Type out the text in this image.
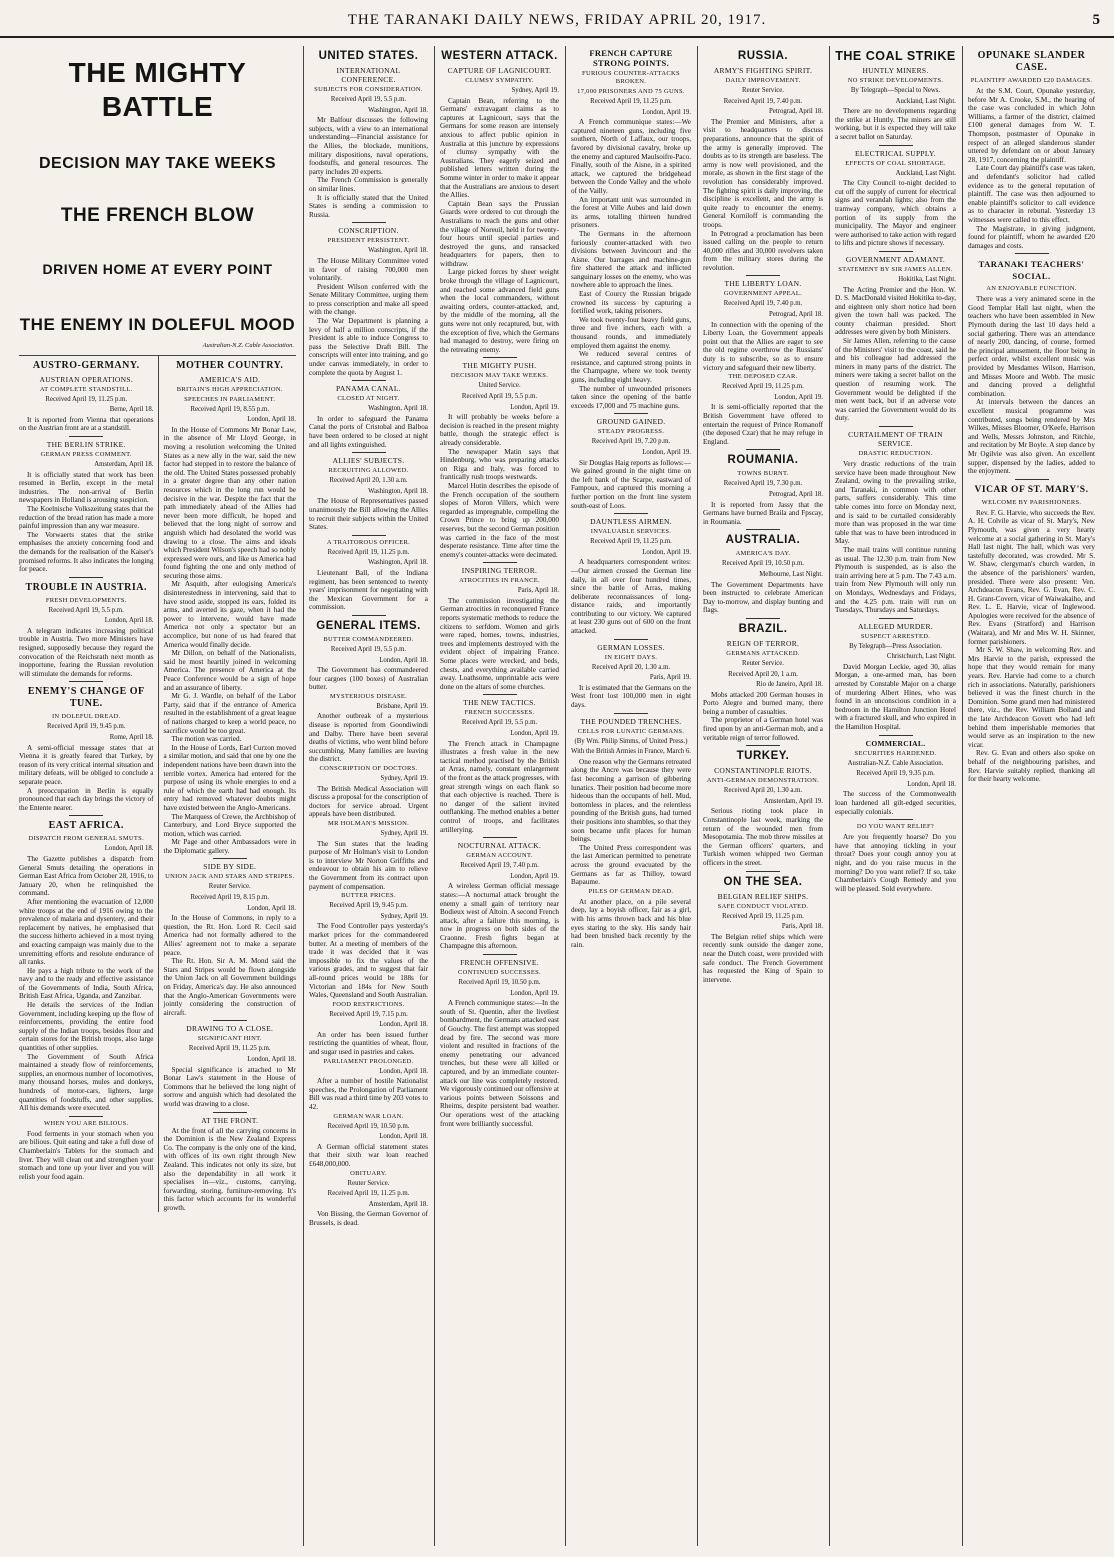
THE TARANAKI DAILY NEWS, FRIDAY APRIL 20, 1917.	5
THE MIGHTY BATTLE
DECISION MAY TAKE WEEKS
THE FRENCH BLOW
DRIVEN HOME AT EVERY POINT
THE ENEMY IN DOLEFUL MOOD
Australian-N.Z. Cable Association.
AUSTRO-GERMANY.
AUSTRIAN OPERATIONS.
AT COMPLETE STANDSTILL.
Received April 19, 11.25 p.m.
Berne, April 18.

It is reported from Vienna that operations on the Austrian front are at a standstill.

THE BERLIN STRIKE.
GERMAN PRESS COMMENT.
Amsterdam, April 18.

It is officially stated that work has been resumed in Berlin, except in the metal industries. The non-arrival of Berlin newspapers in Holland is arousing suspicion.

The Koelnische Volkszeitung states that the reduction of the bread ration has made a more painful impression than any war measure.

The Vorwaerts states that the strike emphasises the anxiety concerning food and the demands for the realisation of the Kaiser's promised reforms. It also indicates the longing for peace.

TROUBLE IN AUSTRIA.
FRESH DEVELOPMENTS.
Received April 19, 5.5 p.m.
London, April 18.

A telegram indicates increasing political trouble in Austria. Two more Ministers have resigned, supposedly because they regard the convocation of the Reichsrath next month as inopportune, fearing the Russian revolution will stimulate the demands for reforms.

ENEMY'S CHANGE OF TUNE.
IN DOLEFUL DREAD.
Received April 19, 9.45 p.m.
Rome, April 18.

A semi-official message states that at Vienna it is greatly feared that Turkey, by reason of its very critical internal situation and military defeats, will be obliged to conclude a separate peace.

A preoccupation in Berlin is equally pronounced that each day brings the victory of the Entente nearer.

EAST AFRICA.
DISPATCH FROM GENERAL SMUTS.
London, April 18.

The Gazette publishes a dispatch from General Smuts detailing the operations in German East Africa from October 28, 1916, to January 20, when he relinquished the command.

After mentioning the evacuation of 12,000 white troops at the end of 1916 owing to the prevalence of malaria and dysentery, and their replacement by natives, he emphasised that the success hitherto achieved in a most trying and exacting campaign was mainly due to the unremitting efforts and resolute endurance of all ranks.

He pays a high tribute to the work of the navy and to the ready and effective assistance of the Governments of India, South Africa, British East Africa, Uganda, and Zanzibar.

He details the services of the Indian Government, including keeping up the flow of reinforcements, providing the entire food supply of the Indian troops, besides flour and certain stores for the British troops, also large quantities of other supplies.

The Government of South Africa maintained a steady flow of reinforcements, supplies, an enormous number of locomotives, many thousand horses, mules and donkeys, hundreds of motor-cars, lighters, large quantities of foodstuffs, and other supplies. All his demands were executed.

WHEN YOU ARE BILIOUS.

Food ferments in your stomach when you are bilious. Quit eating and take a full dose of Chamberlain's Tablets for the stomach and liver. They will clean out and strengthen your stomach and tone up your liver and you will relish your food again.

MOTHER COUNTRY.
AMERICA'S AID.
BRITAIN'S HIGH APPRECIATION.
SPEECHES IN PARLIAMENT.
Received April 19, 8.55 p.m.
London, April 18.

In the House of Commons Mr Bonar Law, in the absence of Mr Lloyd George, in moving a resolution welcoming the United States as a new ally in the war, said the new factor had stepped in to restore the balance of the old. The United States possessed probably in a greater degree than any other nation resources which in the long run would be decisive in the war. Despite the fact that the path immediately ahead of the Allies had never been more difficult, he hoped and believed that the long night of sorrow and anguish which had desolated the world was drawing to a close. The aims and ideals which President Wilson's speech had so nobly expressed were ours, and like us America had found fighting the one and only method of securing those aims.

Mr Asquith, after eulogising America's disinterestedness in intervening, said that to have stood aside, stopped its ears, folded its arms, and averted its gaze, when it had the power to intervene, would have made America not only a spectator but an accomplice, but none of us had feared that America would finally decide.

Mr Dillon, on behalf of the Nationalists, said he most heartily joined in welcoming America. The presence of America at the Peace Conference would be a sign of hope and an assurance of liberty.

Mr G. J. Wardle, on behalf of the Labor Party, said that if the entrance of America resulted in the establishment of a great league of nations charged to keep a world peace, no sacrifice would be too great.

The motion was carried.

In the House of Lords, Earl Curzon moved a similar motion, and said that one by one the independent nations have been drawn into the terrible vortex. America had entered for the purpose of using its whole energies to end a rule of which the earth had had enough. Its entry had removed whatever doubts might have existed between the Anglo-Americans.

The Marquess of Crewe, the Archbishop of Canterbury, and Lord Bryce supported the motion, which was carried.

Mr Page and other Ambassadors were in the Diplomatic gallery.

SIDE BY SIDE.
UNION JACK AND STARS AND STRIPES.
Reuter Service.
Received April 19, 8.15 p.m.
London, April 18.

In the House of Commons, in reply to a question, the Rt. Hon. Lord R. Cecil said America had not formally adhered to the Allies' agreement not to make a separate peace.

The Rt. Hon. Sir A. M. Mond said the Stars and Stripes would be flown alongside the Union Jack on all Government buildings on Friday, America's day. He also announced that the Anglo-American Governments were jointly considering the construction of aircraft.

DRAWING TO A CLOSE.
SIGNIFICANT HINT.
Received April 19, 11.25 p.m.
London, April 18.

Special significance is attached to Mr Bonar Law's statement in the House of Commons that he believed the long night of sorrow and anguish which had desolated the world was drawing to a close.

AT THE FRONT.

At the front of all the carrying concerns in the Dominion is the New Zealand Express Co. The company is the only one of the kind, with offices of its own right through New Zealand. This indicates not only its size, but also the dependability in all work it specialises in—viz., customs, carrying, forwarding, storing, furniture-removing. It's this factor which accounts for its wonderful growth.

UNITED STATES.
INTERNATIONAL CONFERENCE.
SUBJECTS FOR CONSIDERATION.
Received April 19, 5.5 p.m.
Washington, April 18.

Mr Balfour discusses the following subjects, with a view to an international understanding—Financial assistance for the Allies, the blockade, munitions, military dispositions, naval operations, foodstuffs, and general resources. The party includes 20 experts.

The French Commission is generally on similar lines.

It is officially stated that the United States is sending a commission to Russia.

CONSCRIPTION.
PRESIDENT PERSISTENT.
Washington, April 18.

The House Military Committee voted in favor of raising 700,000 men voluntarily.

President Wilson conferred with the Senate Military Committee, urging them to press conscription and make all speed with the change.

The War Department is planning a levy of half a million conscripts, if the President is able to induce Congress to pass the Selective Draft Bill. The conscripts will enter into training, and go under canvas immediately, in order to complete the quota by August 1.

PANAMA CANAL.
CLOSED AT NIGHT.
Washington, April 18.

In order to safeguard the Panama Canal the ports of Cristobal and Balboa have been ordered to be closed at night and all lights extinguished.

ALLIES' SUBJECTS.
RECRUITING ALLOWED.
Received April 20, 1.30 a.m.
Washington, April 18.

The House of Representatives passed unanimously the Bill allowing the Allies to recruit their subjects within the United States.

A TRAITOROUS OFFICER.
Received April 19, 11.25 p.m.
Washington, April 18.

Lieutenant Ball, of the Indiana regiment, has been sentenced to twenty years' imprisonment for negotiating with the Mexican Government for a commission.

GENERAL ITEMS.
BUTTER COMMANDEERED.
Received April 19, 5.5 p.m.
London, April 18.

The Government has commandeered four cargoes (100 boxes) of Australian butter.

MYSTERIOUS DISEASE.
Brisbane, April 19.

Another outbreak of a mysterious disease is reported from Goondiwindi and Dalby. There have been several deaths of victims, who went blind before succumbing. Many families are leaving the district.

CONSCRIPTION OF DOCTORS.
Sydney, April 19.

The British Medical Association will discuss a proposal for the conscription of doctors for service abroad. Urgent appeals have been distributed.

MR HOLMAN'S MISSION.
Sydney, April 19.

The Sun states that the leading purpose of Mr Holman's visit to London is to interview Mr Norton Griffiths and endeavour to obtain his aim to relieve the Government from its contract upon payment of compensation.

BUTTER PRICES.
Received April 19, 9.45 p.m.
Sydney, April 19.

The Food Controller pays yesterday's market prices for the commandeered butter. At a meeting of members of the trade it was decided that it was impossible to fix the values of the various grades, and to suggest that fair all-round prices would be 188s for Victorian and 184s for New South Wales, Queensland and South Australian.

FOOD RESTRICTIONS.
Received April 19, 7.15 p.m.
London, April 18.

An order has been issued further restricting the quantities of wheat, flour, and sugar used in pastries and cakes.

PARLIAMENT PROLONGED.
London, April 18.

After a number of hostile Nationalist speeches, the Prolongation of Parliament Bill was read a third time by 203 votes to 42.

GERMAN WAR LOAN.
Received April 19, 10.50 p.m.
London, April 18.

A German official statement states that their sixth war loan reached £648,000,000.

OBITUARY.
Reuter Service.
Received April 19, 11.25 p.m.
Amsterdam, April 18.

Von Bissing, the German Governor of Brussels, is dead.

WESTERN ATTACK.
CAPTURE OF LAGNICOURT.
CLUMSY SYMPATHY.
Sydney, April 19.

Captain Bean, referring to the Germans' extravagant claims as to captures at Lagnicourt, says that the Germans for some reason are intensely anxious to affect public opinion in Australia at this juncture by expressions of clumsy sympathy with the Australians. They eagerly seized and published letters written during the Somme winter in order to make it appear that the Australians are anxious to desert the Allies.

Captain Bean says the Prussian Guards were ordered to cut through the Australians to reach the guns and other the village of Noreuil, held it for twenty-four hours until special parties and destroyed the guns, and ransacked headquarters for papers, then to withdraw.

Large picked forces by sheer weight broke through the village of Lagnicourt, and reached some advanced field guns when the local commanders, without awaiting orders, counter-attacked, and, by the middle of the morning, all the guns were not only recaptured, but, with the exception of five, which the Germans had managed to destroy, were firing on the retreating enemy.

THE MIGHTY PUSH.
DECISION MAY TAKE WEEKS.
United Service.
Received April 19, 5.5 p.m.
London, April 19.

It will probably be weeks before a decision is reached in the present mighty battle, though the strategic effect is already considerable.

The newspaper Matin says that Hindenburg, who was preparing attacks on Riga and Italy, was forced to frantically rush troops westwards.

Marcel Hutin describes the episode of the French occupation of the southern slopes of Moron Villers, which were regarded as impregnable, compelling the Crown Prince to bring up 200,000 reserves, but the second German position was carried in the face of the most desperate resistance. Time after time the enemy's counter-attacks were decimated.

INSPIRING TERROR.
ATROCITIES IN FRANCE.
Paris, April 18.

The commission investigating the German atrocities in reconquered France reports systematic methods to reduce the citizens to serfdom. Women and girls were raped, homes, towns, industries, trees and implements destroyed with the evident object of impairing France. Some places were wrecked, and beds, chests, and everything available carried away. Loathsome, unprintable acts were done on the altars of some churches.

THE NEW TACTICS.
FRENCH SUCCESSES.
Received April 19, 5.5 p.m.
London, April 19.

The French attack in Champagne illustrates a fresh value in the new tactical method practised by the British at Arras, namely, constant enlargement of the front as the attack progresses, with great strength wings on each flank so that each objective is reached. There is no danger of the salient invited outflanking. The method enables a better control of troops, and facilitates artillerying.

NOCTURNAL ATTACK.
GERMAN ACCOUNT.
Received April 19, 7.40 p.m.
London, April 19.

A wireless German official message states:—A nocturnal attack brought the enemy a small gain of territory near Bodieux west of Altoin. A second French attack, after a failure this morning, is now in progress on both sides of the Craonne. Fresh fights began at Champagne this afternoon.

FRENCH OFFENSIVE.
CONTINUED SUCCESSES.
Received April 19, 10.50 p.m.
London, April 19.

A French communique states:—In the south of St. Quentin, after the liveliest bombardment, the Germans attacked east of Gouchy. The first attempt was stopped dead by fire. The second was more violent and resulted in fractions of the enemy penetrating our advanced trenches, but these were all killed or captured, and by an immediate counter-attack our line was completely restored. We vigorously continued our offensive at various points between Soissons and Rheims, despite persistent bad weather. Our operations west of the attacking front were brilliantly successful.

FRENCH CAPTURE STRONG POINTS.
FURIOUS COUNTER-ATTACKS BROKEN.
17,000 PRISONERS AND 75 GUNS.
Received April 19, 11.25 p.m.
London, April 19.

A French communique states:—We captured nineteen guns, including five southern, North of Laffaux, our troops, favored by divisional cavalry, broke up the enemy and captured Maulsoifre-Paco. Finally, south of the Aisne, in a spirited attack, we captured the bridgehead between the Conde Valley and the whole of the Vailly.

An important unit was surrounded in the forest at Ville Aubes and laid down its arms, totalling thirteen hundred prisoners.

The Germans in the afternoon furiously counter-attacked with two divisions between Juvincourt and the Aisne. Our barrages and machine-gun fire shattered the attack and inflicted sanguinary losses on the enemy, who was nowhere able to approach the lines.

East of Courcy the Russian brigade crowned its success by capturing a fortified work, taking prisoners.

We took twenty-four heavy field guns, three and five inchers, each with a thousand rounds, and immediately employed them against the enemy.

We reduced several centres of resistance, and captured strong points in the Champagne, where we took twenty guns, including eight heavy.

The number of unwounded prisoners taken since the opening of the battle exceeds 17,000 and 75 machine guns.

GROUND GAINED.
STEADY PROGRESS.
Received April 19, 7.20 p.m.
London, April 19.

Sir Douglas Haig reports as follows:—We gained ground in the night time on the left bank of the Scarpe, eastward of Fampoux, and captured this morning a further portion on the front line system south-east of Loos.

DAUNTLESS AIRMEN.
INVALUABLE SERVICES.
Received April 19, 11.25 p.m.
London, April 19.

A headquarters correspondent writes:—Our airmen crossed the German line daily, in all over four hundred times, since the battle of Arras, making deliberate reconnaissances of long-distance raids, and importantly contributing to our victory. We captured at least 230 guns out of 600 on the front attacked.

GERMAN LOSSES.
IN EIGHT DAYS.
Received April 20, 1.30 a.m.
Paris, April 19.

It is estimated that the Germans on the West front lost 100,000 men in eight days.

THE POUNDED TRENCHES.
CELLS FOR LUNATIC GERMANS.
(By Wm. Philip Simms, of United Press.)
With the British Armies in France, March 6.

One reason why the Germans retreated along the Ancre was because they were fast becoming a garrison of gibbering lunatics. Their position had become more hideous than the occupants of hell. Mud, bottomless in places, and the relentless pounding of the British guns, had turned their positions into shambles, so that they soon became unfit places for human beings.

The United Press correspondent was the last American permitted to penetrate across the ground evacuated by the Germans as far as Thilloy, toward Bapaume.

PILES OF GERMAN DEAD.

At another place, on a pile several deep, lay a boyish officer, fair as a girl, with his arms thrown back and his blue eyes staring to the sky. His sandy hair had been brushed back recently by the rain.

RUSSIA.
ARMY'S FIGHTING SPIRIT.
DAILY IMPROVEMENT.
Reuter Service.
Received April 19, 7.40 p.m.
Petrograd, April 18.

The Premier and Ministers, after a visit to headquarters to discuss preparations, announce that the spirit of the army is generally improved. The doubts as to its strength are baseless. The army is now well provisioned, and the morale, as shown in the first stage of the revolution has considerably improved. The fighting spirit is daily improving, the discipline is excellent, and the army is quite ready to encounter the enemy. General Korniloff is commanding the troops.

In Petrograd a proclamation has been issued calling on the people to return 40,000 rifles and 30,000 revolvers taken from the military stores during the revolution.

THE LIBERTY LOAN.
GOVERNMENT APPEAL.
Received April 19, 7.40 p.m.
Petrograd, April 18.

In connection with the opening of the Liberty Loan, the Government appeals point out that the Allies are eager to see the old regime overthrow the Russians' duty is to subscribe, so as to ensure victory and safeguard their new liberty.

THE DEPOSED CZAR.
Received April 19, 11.25 p.m.
London, April 19.

It is semi-officially reported that the British Government have offered to entertain the request of Prince Romanoff (the deposed Czar) that he may refuge in England.

ROUMANIA.
TOWNS BURNT.
Received April 19, 7.30 p.m.
Petrograd, April 18.

It is reported from Jassy that the Germans have burned Braila and Fpscay, in Roumania.

AUSTRALIA.
AMERICA'S DAY.
Received April 19, 10.50 p.m.
Melbourne, Last Night.

The Government Departments have been instructed to celebrate American Day to-morrow, and display bunting and flags.

BRAZIL.
REIGN OF TERROR.
GERMANS ATTACKED.
Reuter Service.
Received April 20, 1 a.m.
Rio de Janeiro, April 18.

Mobs attacked 200 German houses in Porto Alegre and burned many, there being a number of casualties.

The proprietor of a German hotel was fired upon by an anti-German mob, and a veritable reign of terror followed.

TURKEY.
CONSTANTINOPLE RIOTS.
ANTI-GERMAN DEMONSTRATION.
Received April 20, 1.30 a.m.
Amsterdam, April 19.

Serious rioting took place in Constantinople last week, marking the return of the wounded men from Mesopotamia. The mob threw missiles at the German officers' quarters, and Turkish women whipped two German officers in the street.

ON THE SEA.
BELGIAN RELIEF SHIPS.
SAFE CONDUCT VIOLATED.
Received April 19, 11.25 p.m.
Paris, April 18.

The Belgian relief ships which were recently sunk outside the danger zone, near the Dutch coast, were provided with safe conduct. The French Government has requested the King of Spain to intervene.

THE COAL STRIKE
HUNTLY MINERS.
NO STRIKE DEVELOPMENTS.
By Telegraph—Special to News.
Auckland, Last Night.

There are no developments regarding the strike at Huntly. The miners are still working, but it is expected they will take a secret ballot on Saturday.

ELECTRICAL SUPPLY.
EFFECTS OF COAL SHORTAGE.
Auckland, Last Night.

The City Council to-night decided to cut off the supply of current for electrical signs and verandah lights; also from the tramway company, which obtains a portion of its supply from the municipality. The Mayor and engineer were authorised to take action with regard to lifts and picture shows if necessary.

GOVERNMENT ADAMANT.
STATEMENT BY SIR JAMES ALLEN.
Hokitika, Last Night.

The Acting Premier and the Hon. W. D. S. MacDonald visited Hokitika to-day, and eighteen only short notice had been given the town hall was packed. The county chairman presided. Short addresses were given by both Ministers.

Sir James Allen, referring to the cause of the Ministers' visit to the coast, said he and his colleague had addressed the miners in many parts of the district. The miners were taking a secret ballot on the question of resuming work. The Government would be delighted if the men went back, but if an adverse vote was carried the Government would do its duty.

CURTAILMENT OF TRAIN SERVICE.
DRASTIC REDUCTION.

Very drastic reductions of the train service have been made throughout New Zealand, owing to the prevailing strike, and Taranaki, in common with other parts, suffers considerably. This time table comes into force on Monday next, and is said to be curtailed considerably more than was proposed in the war time table that was to have been introduced in May.

The mail trains will continue running as usual. The 12.30 p.m. train from New Plymouth is suspended, as is also the train arriving here at 5 p.m. The 7.43 a.m. train from New Plymouth will only run on Mondays, Wednesdays and Fridays, and the 4.25 p.m. train will run on Tuesdays, Thursdays and Saturdays.

ALLEGED MURDER.
SUSPECT ARRESTED.
By Telegraph—Press Association.
Christchurch, Last Night.

David Morgan Leckie, aged 30, alias Morgan, a one-armed man, has been arrested by Constable Major on a charge of murdering Albert Hines, who was found in an unconscious condition in a bedroom in the Hamilton Junction Hotel with a fractured skull, and who expired in the Hamilton Hospital.

COMMERCIAL.
SECURITIES HARDENED.
Australian-N.Z. Cable Association.
Received April 19, 9.35 p.m.
London, April 18.

The success of the Commonwealth loan hardened all gilt-edged securities, especially colonials.

DO YOU WANT RELIEF?

Are you frequently hoarse? Do you have that annoying tickling in your throat? Does your cough annoy you at night, and do you raise mucus in the morning? Do you want relief? If so, take Chamberlain's Cough Remedy and you will be pleased. Sold everywhere.

OPUNAKE SLANDER CASE.
PLAINTIFF AWARDED £20 DAMAGES.

At the S.M. Court, Opunake yesterday, before Mr A. Crooke, S.M., the hearing of the case was concluded in which John Williams, a farmer of the district, claimed £100 general damages from W. T. Thompson, postmaster of Opunake in respect of an alleged slanderous slander uttered by defendant on or about January 28, 1917, concerning the plaintiff.

Late Court day plaintiff's case was taken, and defendant's solicitor had called evidence as to the general reputation of plaintiff. The case was then adjourned to enable plaintiff's solicitor to call evidence as to character in rebuttal. Yesterday 13 witnesses were called to this effect.

The Magistrate, in giving judgment, found for plaintiff, whom he awarded £20 damages and costs.

TARANAKI TEACHERS' SOCIAL.
AN ENJOYABLE FUNCTION.

There was a very animated scene in the Good Templar Hall last night, when the teachers who have been assembled in New Plymouth during the last 10 days held a social gathering. There was an attendance of nearly 200, dancing, of course, formed the principal amusement, the floor being in perfect order, whilst excellent music was provided by Mesdames Wilson, Harrison, and Misses Moore and Webb. The music and dancing proved a delightful combination.

At intervals between the dances an excellent musical programme was contributed, songs being rendered by Mrs Wilkes, Misses Bloomer, O'Keefe, Harrison and Wells, Messrs Johnston, and Ritchie, and recitation by Mr Boyle. A step dance by Mr Ogilvie was also given. An excellent supper, dispensed by the ladies, added to the enjoyment.

VICAR OF ST. MARY'S.
WELCOME BY PARISHIONERS.

Rev. F. G. Harvie, who succeeds the Rev. A. H. Colvile as vicar of St. Mary's, New Plymouth, was given a very hearty welcome at a social gathering in St. Mary's Hall last night. The hall, which was very tastefully decorated, was crowded. Mr S. W. Shaw, clergyman's church warden, in the absence of the parishioners' warden, presided. There were also present: Ven. Archdeacon Evans, Rev. G. Evan, Rev. C. H. Grant-Covern, vicar of Waiwakaiho, and Rev. L. E. Harvie, vicar of Inglewood. Apologies were received for the absence of Rev. Evans (Stratford) and Harrison (Waitara), and Mr and Mrs W. H. Skinner, former parishioners.

Mr S. W. Shaw, in welcoming Rev. and Mrs Harvie to the parish, expressed the hope that they would remain for many years. Rev. Harvie had come to a church rich in associations. Naturally, parishioners believed it was the finest church in the Dominion. Some grand men had ministered there, viz., the Rev. William Bolland and the late Archdeacon Govett who had left behind them imperishable memories that would serve as an inspiration to the new vicar.

Rev. G. Evan and others also spoke on behalf of the neighbouring parishes, and Rev. Harvie suitably replied, thanking all for their hearty welcome.
